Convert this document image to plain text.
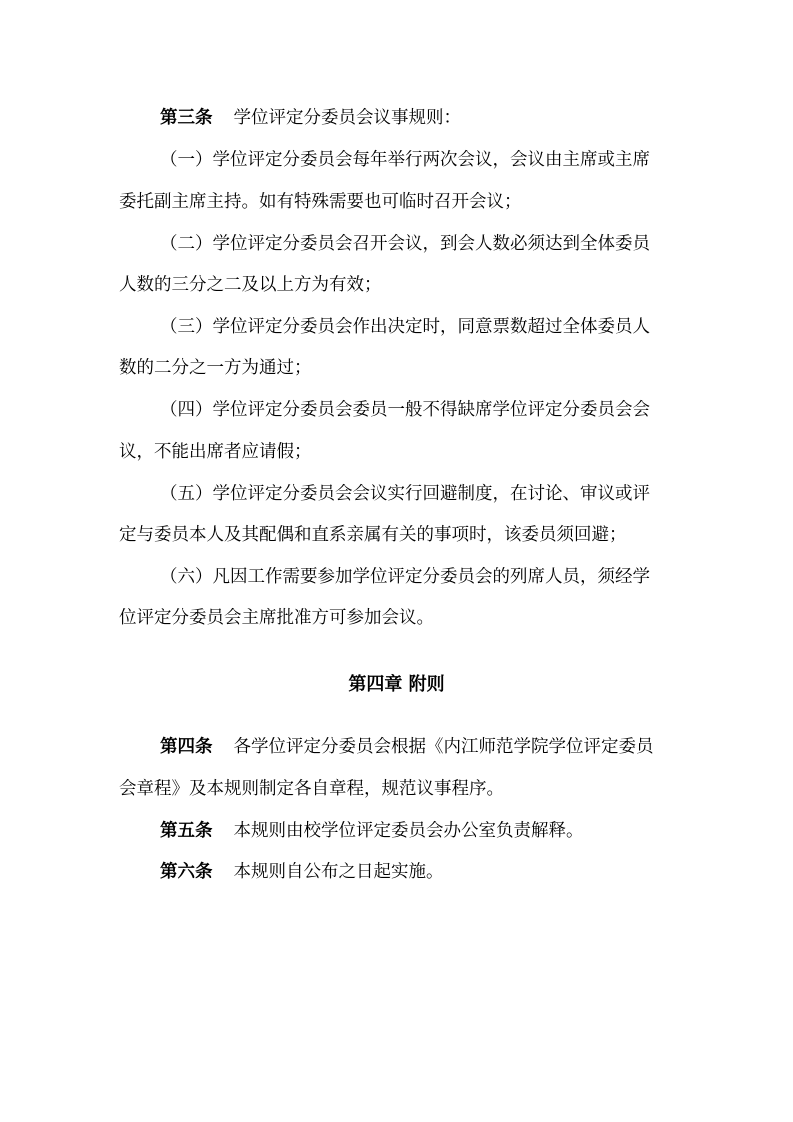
第三条 学位评定分委员会议事规则：
（一）学位评定分委员会每年举行两次会议，会议由主席或主席
委托副主席主持。如有特殊需要也可临时召开会议；
（二）学位评定分委员会召开会议，到会人数必须达到全体委员
人数的三分之二及以上方为有效；
（三）学位评定分委员会作出决定时，同意票数超过全体委员人
数的二分之一方为通过；
（四）学位评定分委员会委员一般不得缺席学位评定分委员会会
议，不能出席者应请假；
（五）学位评定分委员会会议实行回避制度，在讨论、审议或评
定与委员本人及其配偶和直系亲属有关的事项时，该委员须回避；
（六）凡因工作需要参加学位评定分委员会的列席人员，须经学
位评定分委员会主席批准方可参加会议。
第四章 附则
第四条 各学位评定分委员会根据《内江师范学院学位评定委员
会章程》及本规则制定各自章程，规范议事程序。
第五条 本规则由校学位评定委员会办公室负责解释。
第六条 本规则自公布之日起实施。
